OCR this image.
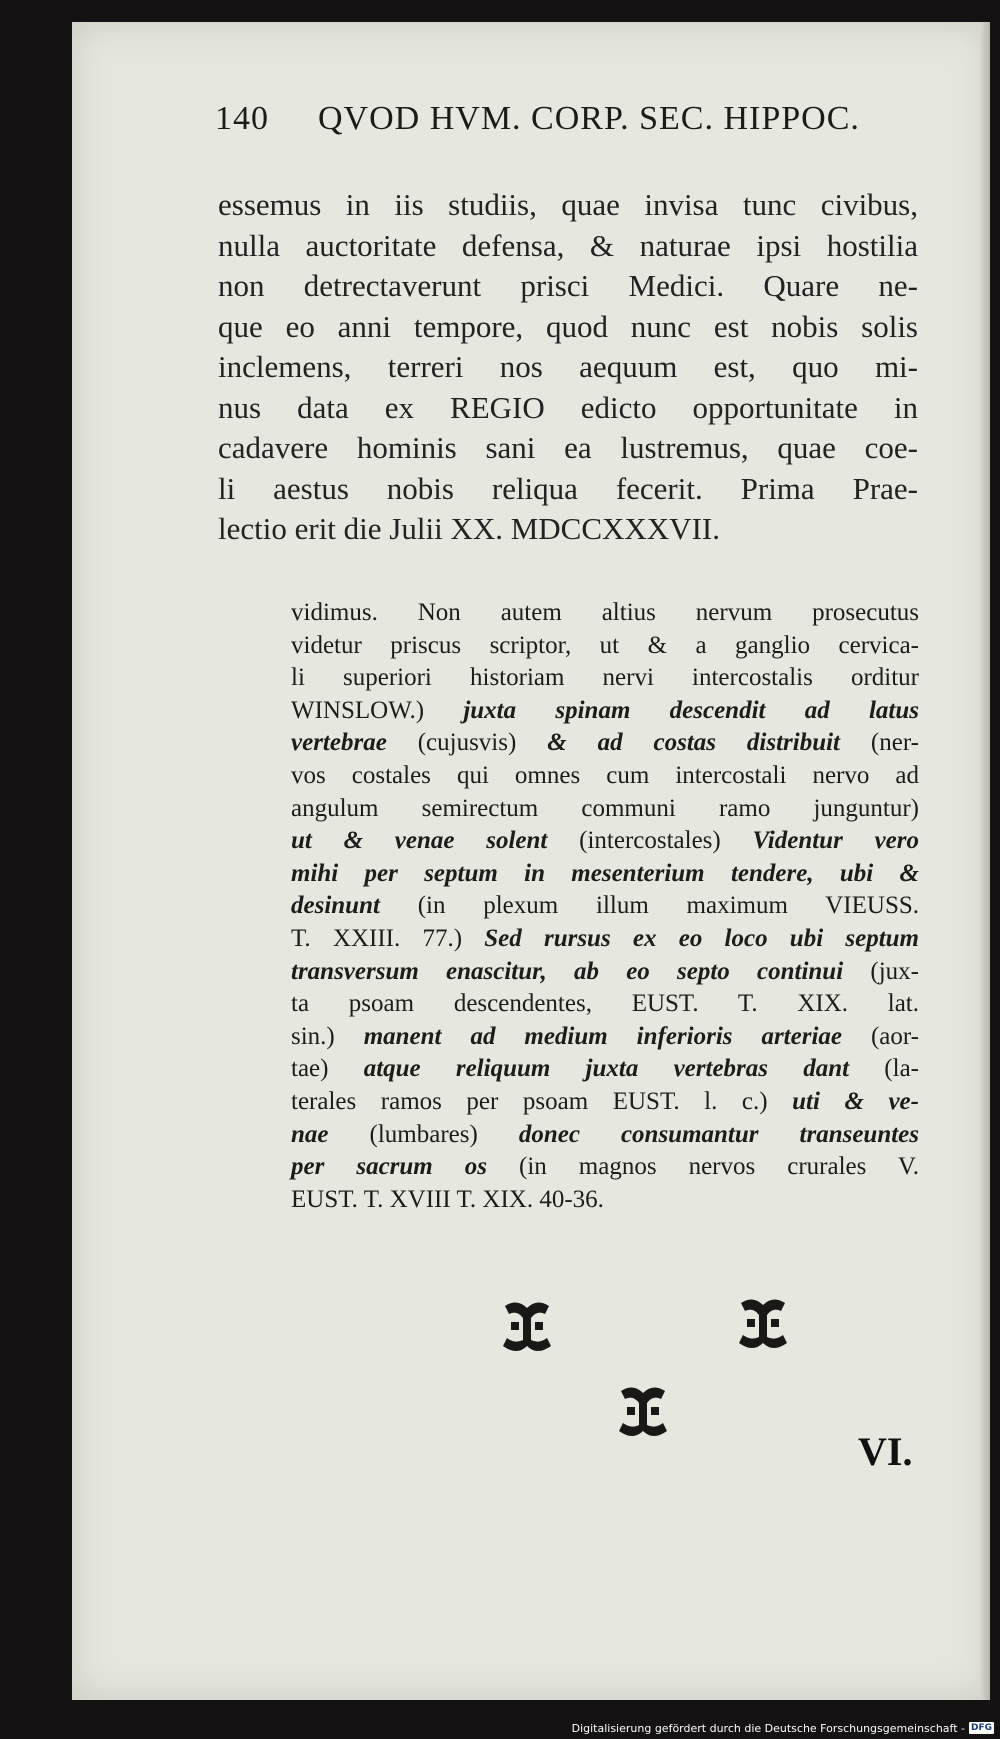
140 QVOD HVM. CORP. SEC. HIPPOC.
essemus in iis studiis, quae invisa tunc civibus,
nulla auctoritate defensa, & naturae ipsi hostilia
non detrectaverunt prisci Medici. Quare ne-
que eo anni tempore, quod nunc est nobis solis
inclemens, terreri nos aequum est, quo mi-
nus data ex REGIO edicto opportunitate in
cadavere hominis sani ea lustremus, quae coe-
li aestus nobis reliqua fecerit. Prima Prae-
lectio erit die Julii XX. MDCCXXXVII.
vidimus. Non autem altius nervum prosecutus
videtur priscus scriptor, ut & a ganglio cervica-
li superiori historiam nervi intercostalis orditur
WINSLOW.) juxta spinam descendit ad latus
vertebrae (cujusvis) & ad costas distribuit (ner-
vos costales qui omnes cum intercostali nervo ad
angulum semirectum communi ramo junguntur)
ut & venae solent (intercostales) Videntur vero
mihi per septum in mesenterium tendere, ubi &
desinunt (in plexum illum maximum VIEUSS.
T. XXIII. 77.) Sed rursus ex eo loco ubi septum
transversum enascitur, ab eo septo continui (jux-
ta psoam descendentes, EUST. T. XIX. lat.
sin.) manent ad medium inferioris arteriae (aor-
tae) atque reliquum juxta vertebras dant (la-
terales ramos per psoam EUST. l. c.) uti & ve-
nae (lumbares) donec consumantur transeuntes
per sacrum os (in magnos nervos crurales V.
EUST. T. XVIII T. XIX. 40-36.
VI.
Digitalisierung gefördert durch die Deutsche Forschungsgemeinschaft - DFG
